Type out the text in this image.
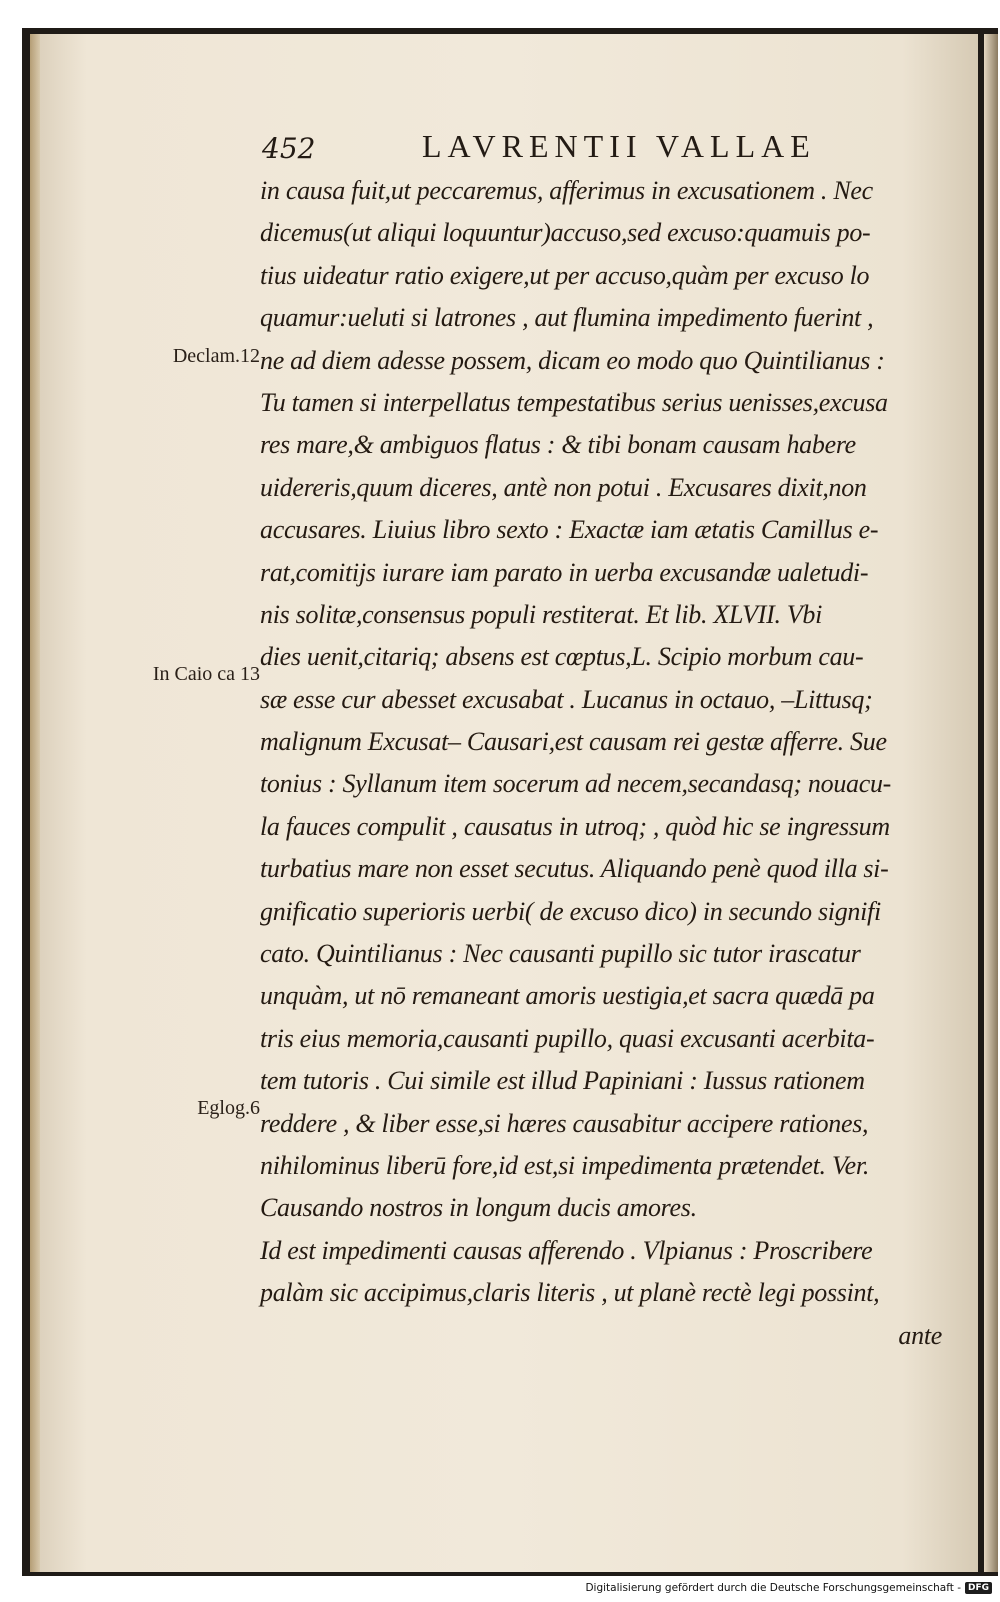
452	LAVRENTII VALLAE
Declam.12
In Caio ca 13
Eglog.6
in causa fuit,ut peccaremus, afferimus in excusationem . Nec
dicemus(ut aliqui loquuntur)accuso,sed excuso:quamuis po-
tius uideatur ratio exigere,ut per accuso,quàm per excuso lo
quamur:ueluti si latrones , aut flumina impedimento fuerint ,
ne ad diem adesse possem, dicam eo modo quo Quintilianus :
Tu tamen si interpellatus tempestatibus serius uenisses,excusa
res mare,& ambiguos flatus : & tibi bonam causam habere
uidereris,quum diceres, antè non potui . Excusares dixit,non
accusares. Liuius libro sexto : Exactæ iam ætatis Camillus e-
rat,comitijs iurare iam parato in uerba excusandæ ualetudi-
nis solitæ,consensus populi restiterat. Et lib. XLVII. Vbi
dies uenit,citariq; absens est cœptus,L. Scipio morbum cau-
sæ esse cur abesset excusabat . Lucanus in octauo, –Littusq;
malignum Excusat– Causari,est causam rei gestæ afferre. Sue
tonius : Syllanum item socerum ad necem,secandasq; nouacu-
la fauces compulit , causatus in utroq; , quòd hic se ingressum
turbatius mare non esset secutus. Aliquando penè quod illa si-
gnificatio superioris uerbi( de excuso dico) in secundo signifi
cato. Quintilianus : Nec causanti pupillo sic tutor irascatur
unquàm, ut nō remaneant amoris uestigia,et sacra quædā pa
tris eius memoria,causanti pupillo, quasi excusanti acerbita-
tem tutoris . Cui simile est illud Papiniani : Iussus rationem
reddere , & liber esse,si hæres causabitur accipere rationes,
nihilominus liberū fore,id est,si impedimenta prætendet. Ver.
Causando nostros in longum ducis amores.
Id est impedimenti causas afferendo . Vlpianus : Proscribere
palàm sic accipimus,claris literis , ut planè rectè legi possint,
ante
Digitalisierung gefördert durch die Deutsche Forschungsgemeinschaft - DFG
